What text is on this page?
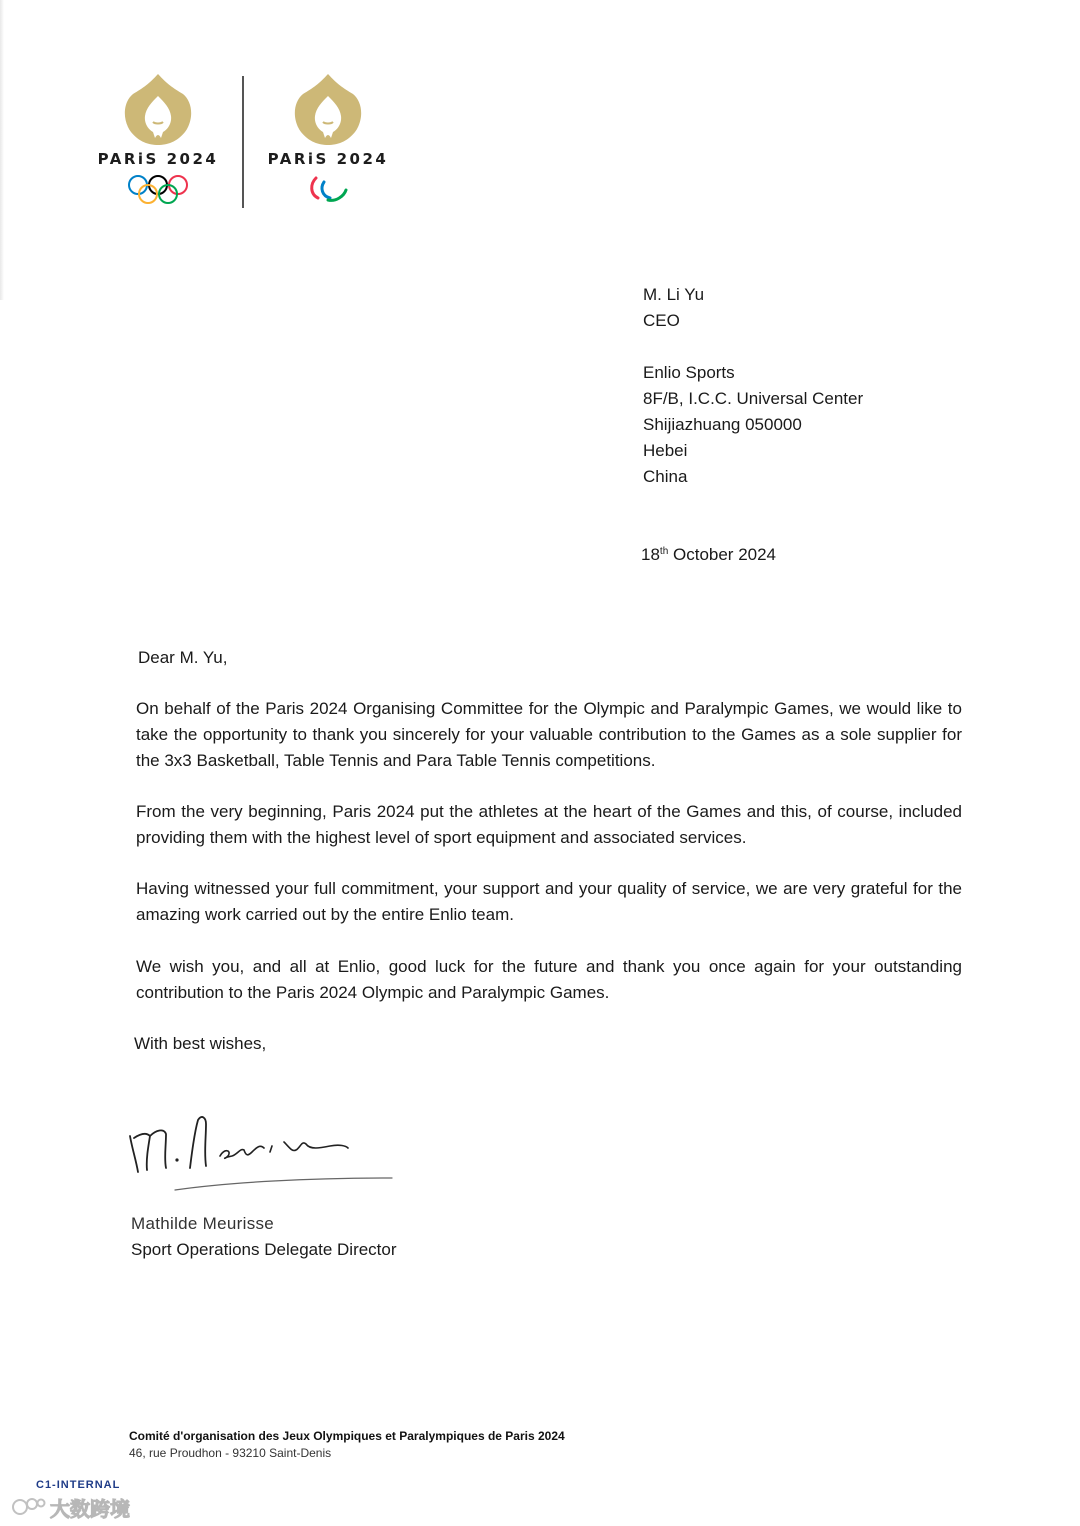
PARiS 2024	PARiS 2024
M. Li Yu
CEO
Enlio Sports
8F/B, I.C.C. Universal Center
Shijiazhuang 050000
Hebei
China
18th October 2024
Dear M. Yu,
On behalf of the Paris 2024 Organising Committee for the Olympic and Paralympic Games, we would like to take the opportunity to thank you sincerely for your valuable contribution to the Games as a sole supplier for the 3x3 Basketball, Table Tennis and Para Table Tennis competitions.
From the very beginning, Paris 2024 put the athletes at the heart of the Games and this, of course, included providing them with the highest level of sport equipment and associated services.
Having witnessed your full commitment, your support and your quality of service, we are very grateful for the amazing work carried out by the entire Enlio team.
We wish you, and all at Enlio, good luck for the future and thank you once again for your outstanding contribution to the Paris 2024 Olympic and Paralympic Games.
With best wishes,
Mathilde Meurisse
Sport Operations Delegate Director
Comité d'organisation des Jeux Olympiques et Paralympiques de Paris 2024
46, rue Proudhon - 93210 Saint-Denis
C1-INTERNAL
大数跨境
